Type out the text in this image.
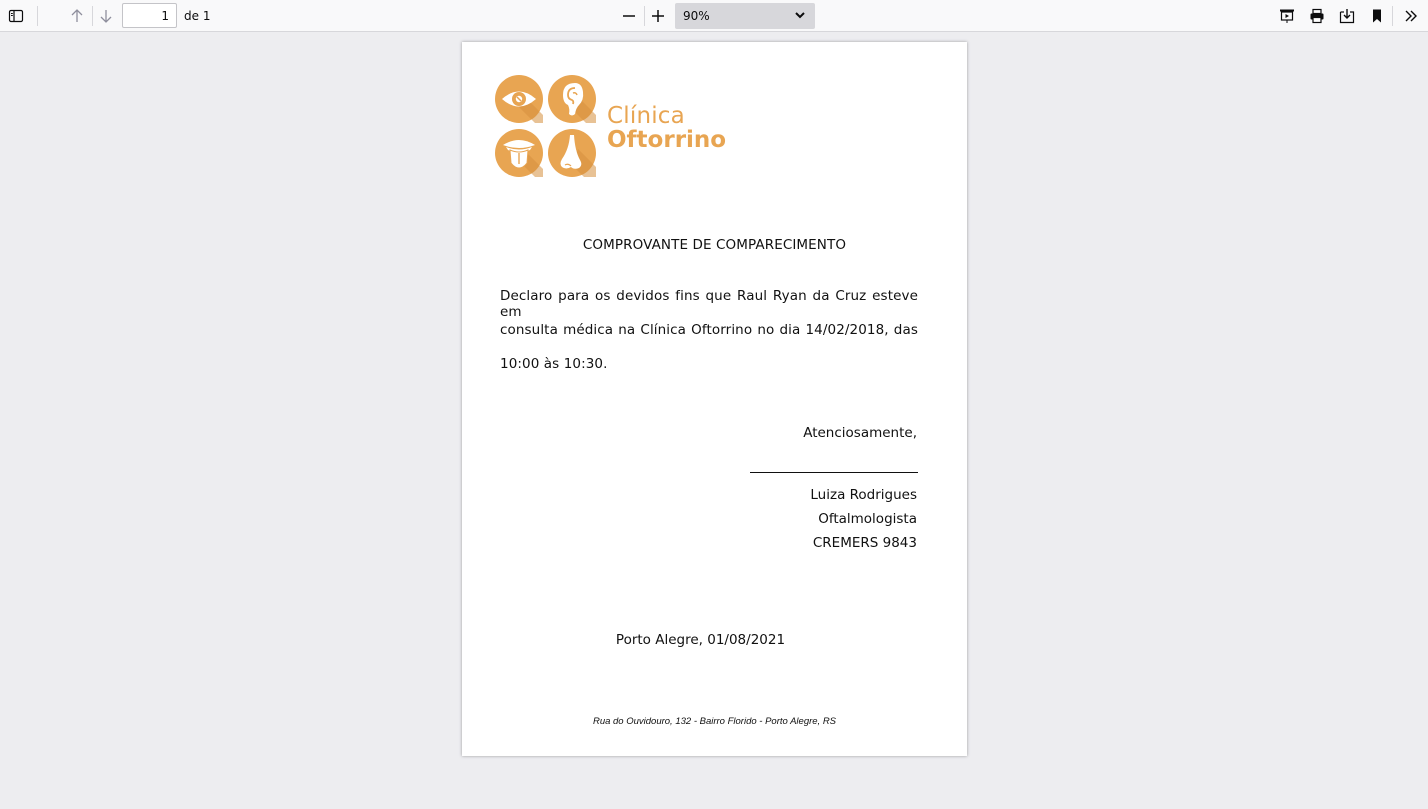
1
de 1	90%
Clínica
Oftorrino
COMPROVANTE DE COMPARECIMENTO
Declaro para os devidos fins que Raul Ryan da Cruz esteve em
consulta médica na Clínica Oftorrino no dia 14/02/2018, das
10:00 às 10:30.
Atenciosamente,
Luiza Rodrigues
Oftalmologista
CREMERS 9843
Porto Alegre, 01/08/2021
Rua do Ouvidouro, 132 - Bairro Florido - Porto Alegre, RS
